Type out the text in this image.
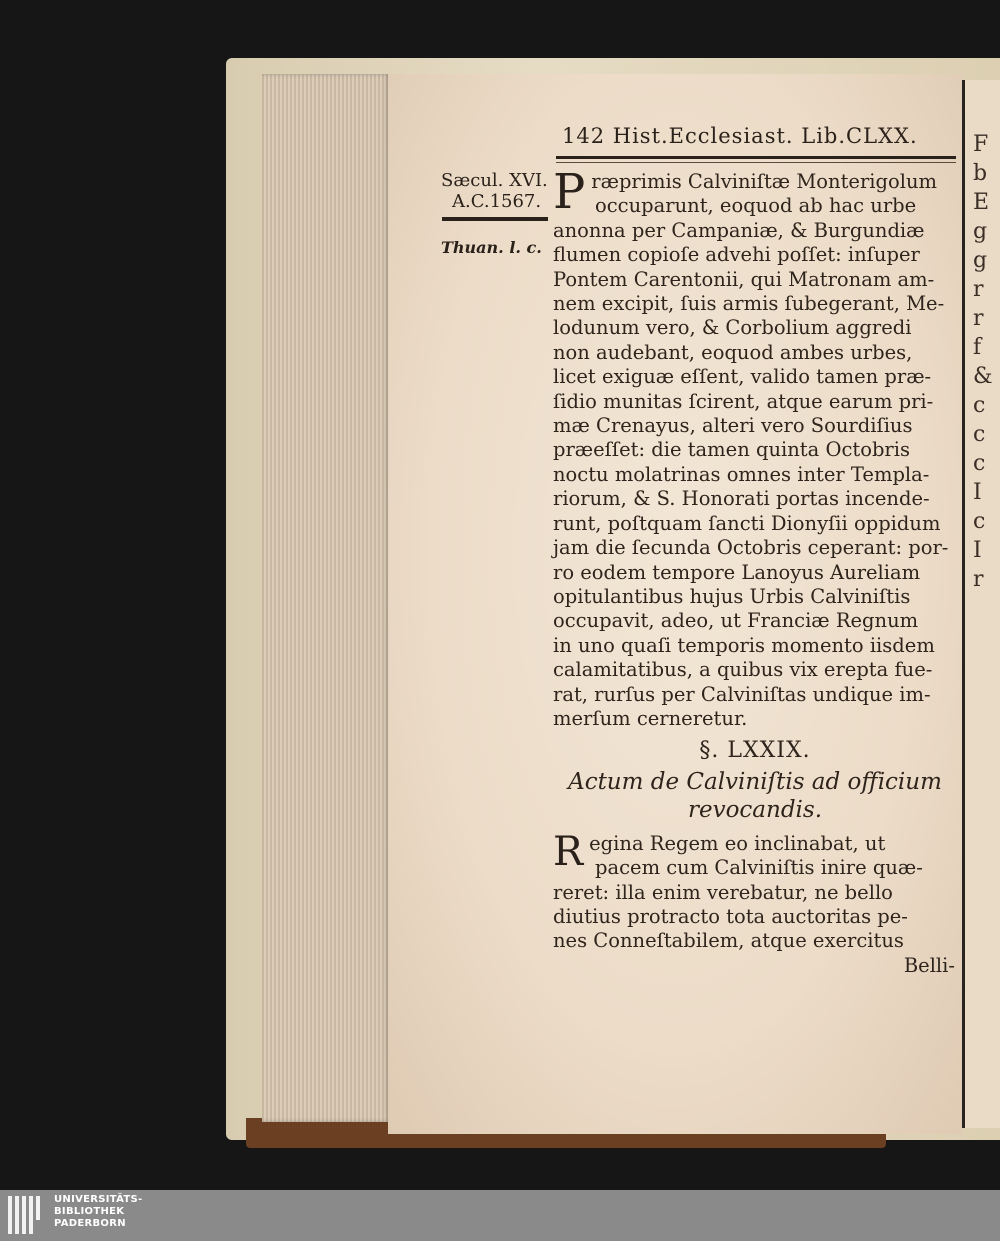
F
b
E
g
g
r
r
f
&
c
c
c
I
c
I
r
142 Hist.Ecclesiast. Lib.CLXX.
Sæcul. XVI.
A.C.1567.
Thuan. l. c.
P ræprimis Calviniſtæ Monterigolum
occuparunt, eoquod ab hac urbe
anonna per Campaniæ, & Burgundiæ
flumen copioſe advehi poſſet: inſuper
Pontem Carentonii, qui Matronam am-
nem excipit, ſuis armis ſubegerant, Me-
lodunum vero, & Corbolium aggredi
non audebant, eoquod ambes urbes,
licet exiguæ eſſent, valido tamen præ-
ſidio munitas ſcirent, atque earum pri-
mæ Crenayus, alteri vero Sourdiſius
præeſſet: die tamen quinta Octobris
noctu molatrinas omnes inter Templa-
riorum, & S. Honorati portas incende-
runt, poſtquam ſancti Dionyſii oppidum
jam die ſecunda Octobris ceperant: por-
ro eodem tempore Lanoyus Aureliam
opitulantibus hujus Urbis Calviniſtis
occupavit, adeo, ut Franciæ Regnum
in uno quaſi temporis momento iisdem
calamitatibus, a quibus vix erepta fue-
rat, rurſus per Calviniſtas undique im-
merſum cerneretur.
§. LXXIX.
Actum de Calviniſtis ad officium
revocandis.
R egina Regem eo inclinabat, ut
pacem cum Calviniſtis inire quæ-
reret: illa enim verebatur, ne bello
diutius protracto tota auctoritas pe-
nes Conneſtabilem, atque exercitus
Belli-
UNIVERSITÄTS-
BIBLIOTHEK
PADERBORN
